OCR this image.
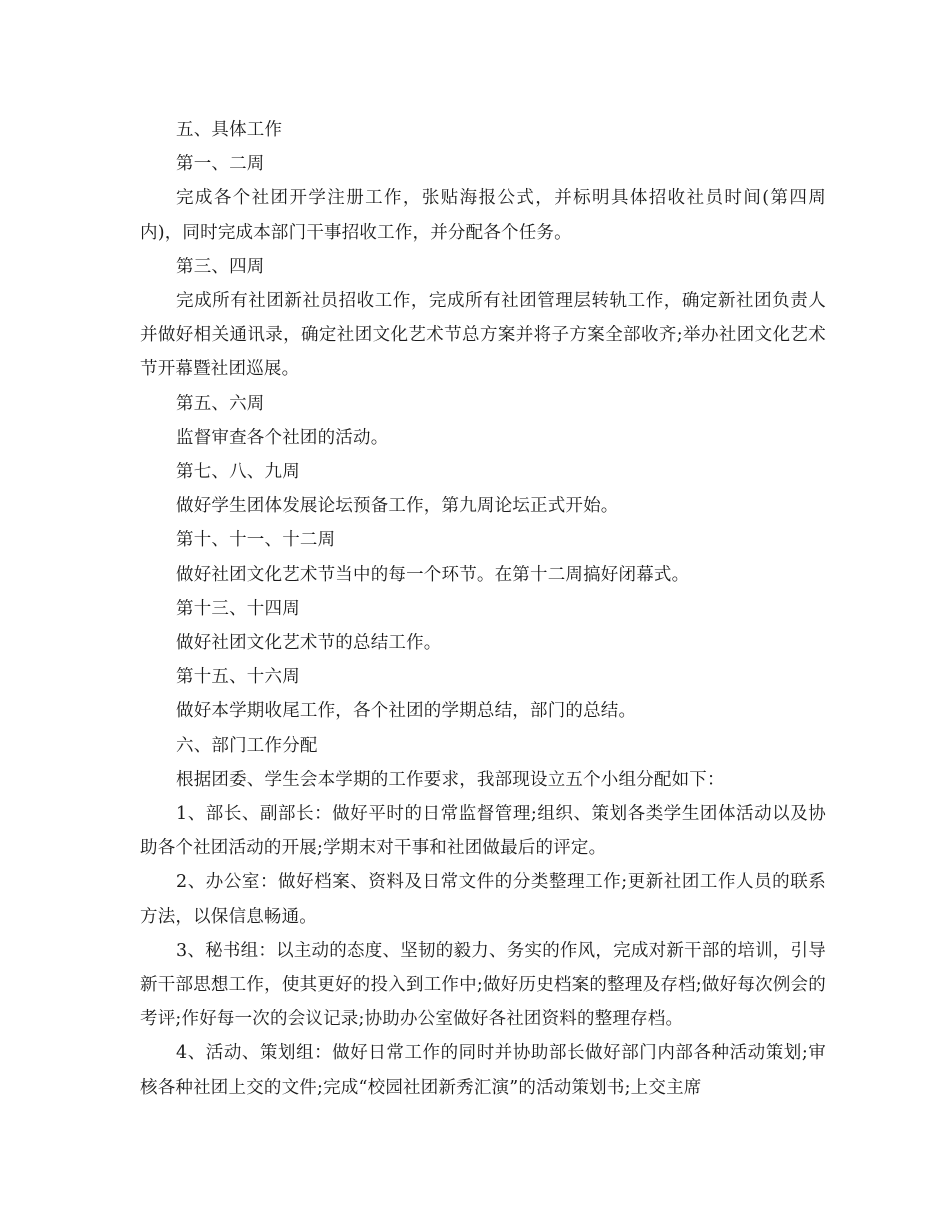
五、具体工作

第一、二周

完成各个社团开学注册工作，张贴海报公式，并标明具体招收社员时间(第四周内)，同时完成本部门干事招收工作，并分配各个任务。

第三、四周

完成所有社团新社员招收工作，完成所有社团管理层转轨工作，确定新社团负责人并做好相关通讯录，确定社团文化艺术节总方案并将子方案全部收齐;举办社团文化艺术节开幕暨社团巡展。

第五、六周

监督审查各个社团的活动。

第七、八、九周

做好学生团体发展论坛预备工作，第九周论坛正式开始。

第十、十一、十二周

做好社团文化艺术节当中的每一个环节。在第十二周搞好闭幕式。

第十三、十四周

做好社团文化艺术节的总结工作。

第十五、十六周

做好本学期收尾工作，各个社团的学期总结，部门的总结。

六、部门工作分配

根据团委、学生会本学期的工作要求，我部现设立五个小组分配如下：

1、部长、副部长：做好平时的日常监督管理;组织、策划各类学生团体活动以及协助各个社团活动的开展;学期末对干事和社团做最后的评定。

2、办公室：做好档案、资料及日常文件的分类整理工作;更新社团工作人员的联系方法，以保信息畅通。

3、秘书组：以主动的态度、坚韧的毅力、务实的作风，完成对新干部的培训，引导新干部思想工作，使其更好的投入到工作中;做好历史档案的整理及存档;做好每次例会的考评;作好每一次的会议记录;协助办公室做好各社团资料的整理存档。

4、活动、策划组：做好日常工作的同时并协助部长做好部门内部各种活动策划;审核各种社团上交的文件;完成“校园社团新秀汇演”的活动策划书;上交主席
